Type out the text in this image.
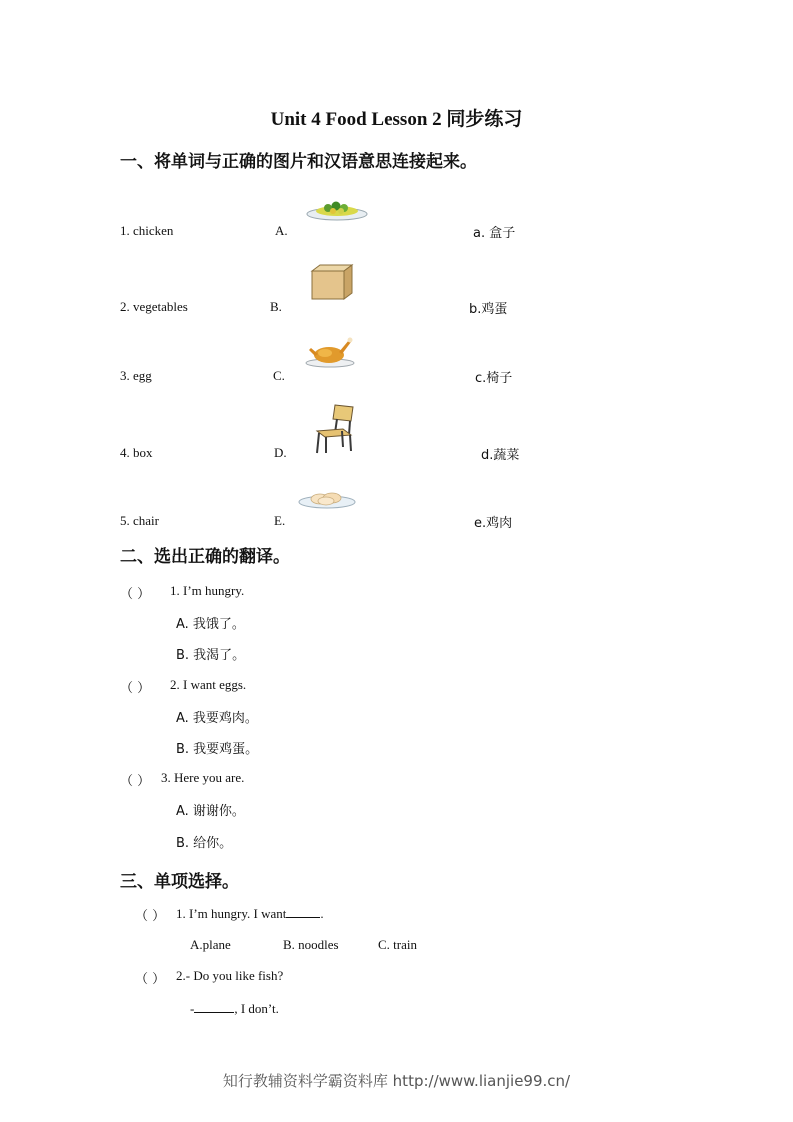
Unit 4 Food Lesson 2 同步练习
一、将单词与正确的图片和汉语意思连接起来。
1. chicken	A.	a. 盒子
2. vegetables	B.	b.鸡蛋
3. egg	C.	c.椅子
4. box	D.	d.蔬菜
5. chair	E.	e.鸡肉
二、选出正确的翻译。
（ ） 1. I’m hungry.
A. 我饿了。
B. 我渴了。
（ ） 2. I want eggs.
A. 我要鸡肉。
B. 我要鸡蛋。
（ ） 3. Here you are.
A. 谢谢你。
B. 给你。
三、单项选择。
（ ） 1. I’m hungry. I want	.
A.plane	B. noodles	C. train
（ ） 2.- Do you like fish?
-	, I don’t.
知行教辅资料学霸资料库 http://www.lianjie99.cn/
